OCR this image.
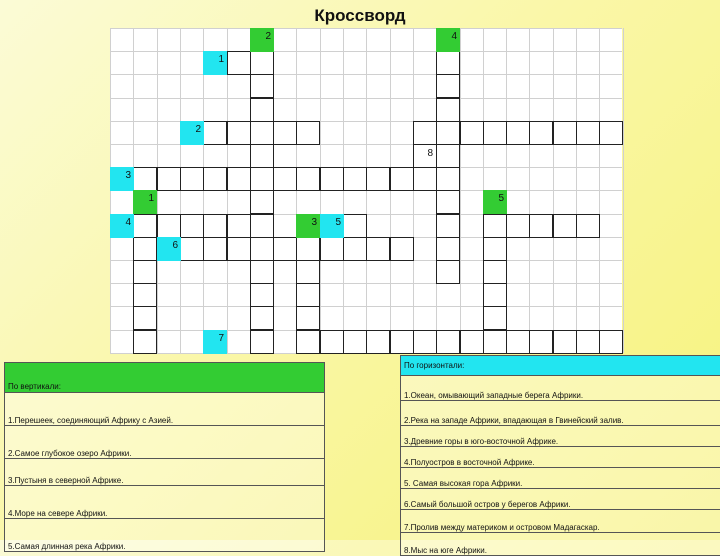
Кроссворд
2	4
1
2
8
3
1	5
4	3	5
6
7
По вертикали:
1.Перешеек, соединяющий Африку с Азией.
2.Самое глубокое озеро Африки.
3.Пустыня в северной Африке.
4.Море на севере Африки.
5.Самая длинная река Африки.
По горизонтали:
1.Океан, омывающий западные берега Африки.
2.Река на западе Африки, впадающая в Гвинейский залив.
3.Древние горы в юго-восточной Африке.
4.Полуостров в восточной Африке.
5. Самая высокая гора Африки.
6.Самый большой остров у берегов Африки.
7.Пролив между материком и островом Мадагаскар.
8.Мыс на юге Африки.
